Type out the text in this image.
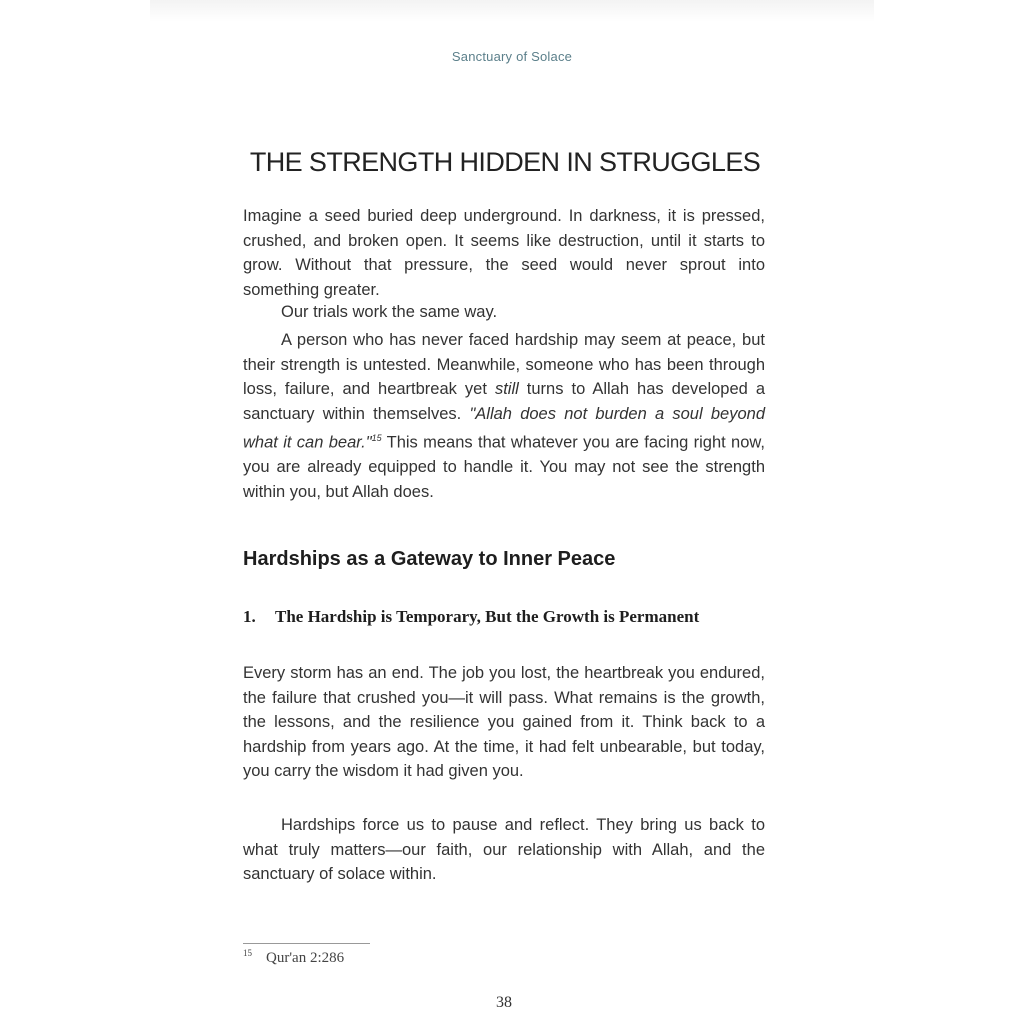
Sanctuary of Solace
THE STRENGTH HIDDEN IN STRUGGLES

Imagine a seed buried deep underground. In darkness, it is pressed, crushed, and broken open. It seems like destruction, until it starts to grow. Without that pressure, the seed would never sprout into something greater.

Our trials work the same way.

A person who has never faced hardship may seem at peace, but their strength is untested. Meanwhile, someone who has been through loss, failure, and heartbreak yet still turns to Allah has developed a sanctuary within themselves. "Allah does not burden a soul beyond what it can bear."$^{15}$ This means that whatever you are facing right now, you are already equipped to handle it. You may not see the strength within you, but Allah does.

Hardships as a Gateway to Inner Peace
1.	The Hardship is Temporary, But the Growth is Permanent

Every storm has an end. The job you lost, the heartbreak you endured, the failure that crushed you—it will pass. What remains is the growth, the lessons, and the resilience you gained from it. Think back to a hardship from years ago. At the time, it had felt unbearable, but today, you carry the wisdom it had given you.

Hardships force us to pause and reflect. They bring us back to what truly matters—our faith, our relationship with Allah, and the sanctuary of solace within.

$^{15}$ Qur'an 2:286
38
